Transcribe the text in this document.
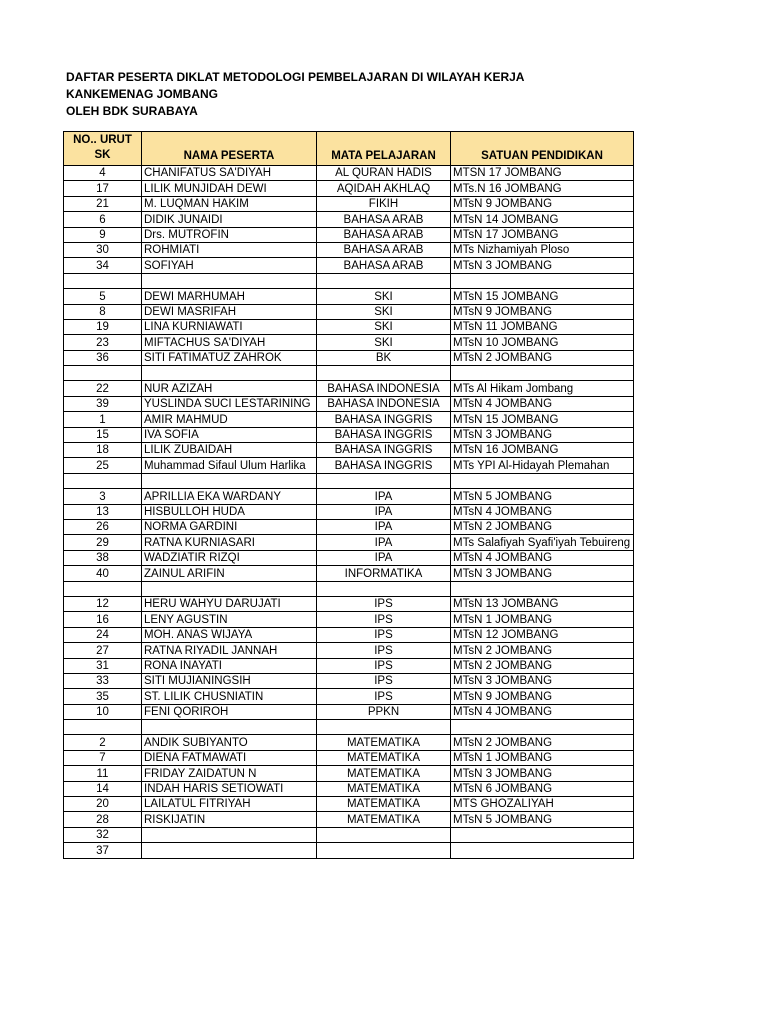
DAFTAR PESERTA DIKLAT METODOLOGI PEMBELAJARAN DI WILAYAH KERJA
KANKEMENAG JOMBANG
OLEH BDK SURABAYA
NO.. URUT
SK	NAMA PESERTA	MATA PELAJARAN	SATUAN PENDIDIKAN
4	CHANIFATUS SA'DIYAH	AL QURAN HADIS	MTSN 17 JOMBANG
17	LILIK MUNJIDAH DEWI	AQIDAH AKHLAQ	MTs.N 16 JOMBANG
21	M. LUQMAN HAKIM	FIKIH	MTsN 9 JOMBANG
6	DIDIK JUNAIDI	BAHASA ARAB	MTsN 14 JOMBANG
9	Drs. MUTROFIN	BAHASA ARAB	MTsN 17 JOMBANG
30	ROHMIATI	BAHASA ARAB	MTs Nizhamiyah Ploso
34	SOFIYAH	BAHASA ARAB	MTsN 3 JOMBANG

5	DEWI MARHUMAH	SKI	MTsN 15 JOMBANG
8	DEWI MASRIFAH	SKI	MTsN 9 JOMBANG
19	LINA KURNIAWATI	SKI	MTsN 11 JOMBANG
23	MIFTACHUS SA'DIYAH	SKI	MTsN 10 JOMBANG
36	SITI FATIMATUZ ZAHROK	BK	MTsN 2 JOMBANG

22	NUR AZIZAH	BAHASA INDONESIA	MTs Al Hikam Jombang
39	YUSLINDA SUCI LESTARINING	BAHASA INDONESIA	MTsN 4 JOMBANG
1	AMIR MAHMUD	BAHASA INGGRIS	MTsN 15 JOMBANG
15	IVA SOFIA	BAHASA INGGRIS	MTsN 3 JOMBANG
18	LILIK ZUBAIDAH	BAHASA INGGRIS	MTsN 16 JOMBANG
25	Muhammad Sifaul Ulum Harlika	BAHASA INGGRIS	MTs YPI Al-Hidayah Plemahan

3	APRILLIA EKA WARDANY	IPA	MTsN 5 JOMBANG
13	HISBULLOH HUDA	IPA	MTsN 4 JOMBANG
26	NORMA GARDINI	IPA	MTsN 2 JOMBANG
29	RATNA KURNIASARI	IPA	MTs Salafiyah Syafi'iyah Tebuireng
38	WADZIATIR RIZQI	IPA	MTsN 4 JOMBANG
40	ZAINUL ARIFIN	INFORMATIKA	MTsN 3 JOMBANG

12	HERU WAHYU DARUJATI	IPS	MTsN 13 JOMBANG
16	LENY AGUSTIN	IPS	MTsN 1 JOMBANG
24	MOH. ANAS WIJAYA	IPS	MTsN 12 JOMBANG
27	RATNA RIYADIL JANNAH	IPS	MTsN 2 JOMBANG
31	RONA INAYATI	IPS	MTsN 2 JOMBANG
33	SITI MUJIANINGSIH	IPS	MTsN 3 JOMBANG
35	ST. LILIK CHUSNIATIN	IPS	MTsN 9 JOMBANG
10	FENI QORIROH	PPKN	MTsN 4 JOMBANG

2	ANDIK SUBIYANTO	MATEMATIKA	MTsN 2 JOMBANG
7	DIENA FATMAWATI	MATEMATIKA	MTsN 1 JOMBANG
11	FRIDAY ZAIDATUN N	MATEMATIKA	MTsN 3 JOMBANG
14	INDAH HARIS SETIOWATI	MATEMATIKA	MTsN 6 JOMBANG
20	LAILATUL FITRIYAH	MATEMATIKA	MTS GHOZALIYAH
28	RISKIJATIN	MATEMATIKA	MTsN 5 JOMBANG
32			
37			
